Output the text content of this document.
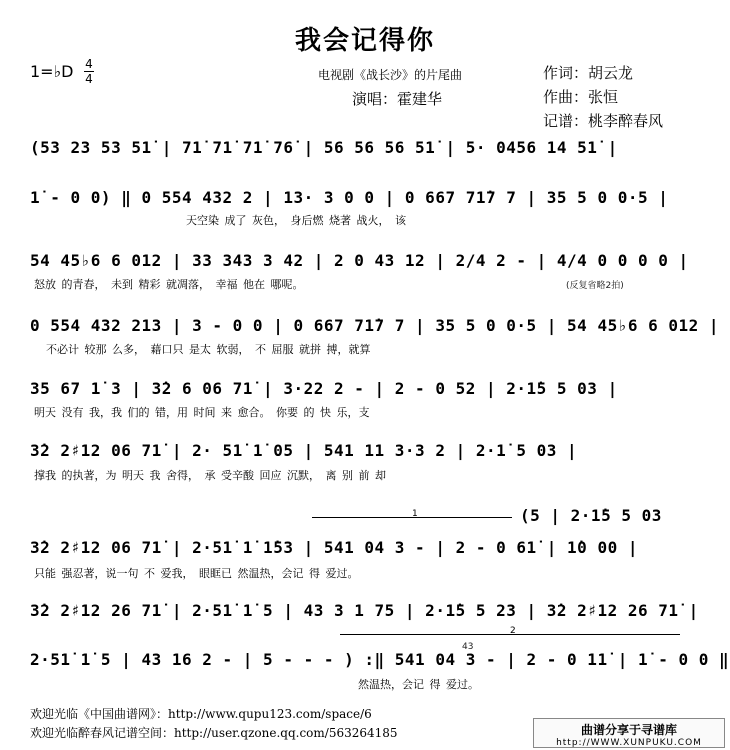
我会记得你
1=♭D 4
4	电视剧《战长沙》的片尾曲
演唱：霍建华
作词：胡云龙
作曲：张恒
记谱：桃李醉春风
(53 23 53 51̇ | 71̇ 71̇ 71̇ 76̇ | 56 56 56 51̇ | 5· 0456 14 51̇ |
1̇ - 0 0) ‖ 0 554 432 2 | 13· 3 0 0 | 0 667 71̇7 7 | 35 5 0 0·5 |
天空染 成了 灰色， 身后燃 烧著 战火， 该
54 45♭6 6 012 | 33 343 3 42 | 2 0 43 12 | 2/4 2 - | 4/4 0 0 0 0 |
怒放 的青春， 未到 精彩 就凋落， 幸福 他在 哪呢。	(反复省略2拍)
0 554 432 213 | 3 - 0 0 | 0 667 71̇7 7 | 35 5 0 0·5 | 54 45♭6 6 012 |
不必计 较那 么多， 藉口只 是太 软弱， 不 屈服 就拼 搏，就算
35 67 1̇ 3 | 3̇2 6 06 71̇ | 3·22 2 - | 2 - 0 52 | 2·1̇5 5 03 |
明天 没有 我，我 们的 错，用 时间 来 愈合。 你要 的 快 乐，支
3̇2 2♯12 06 71̇ | 2· 51̇ 1̇ 05 | 541 11 3·3 2 | 2·1̇ 5 03 |
撑我 的执著，为 明天 我 舍得， 承 受辛酸 回应 沉默， 离 别 前 却
1	(5 | 2·1̇5 5 03
3̇2 2♯12 06 71̇ | 2·51̇ 1̇ 1̇53 | 541 04 3 - | 2 - 0 61̇ | 1̇0 00 |
只能 强忍著，说一句 不 爱我， 眼眶已 然温热，会记 得 爱过。
3̇2 2♯12 26 71̇ | 2·51̇ 1̇ 5 | 43 3 1 75 | 2·1̇5 5 23 | 3̇2 2♯12 26 71̇ |
2
43
2·51̇ 1̇ 5 | 43 16 2 - | 5 - - - ) :‖ 541 04 3 - | 2 - 0 11̇ | 1̇ - 0 0 ‖
然温热，会记 得 爱过。
欢迎光临《中国曲谱网》：http://www.qupu123.com/space/6
欢迎光临醉春风记谱空间：http://user.qzone.qq.com/563264185	曲谱分享于寻谱库
http://WWW.XUNPUKU.COM
